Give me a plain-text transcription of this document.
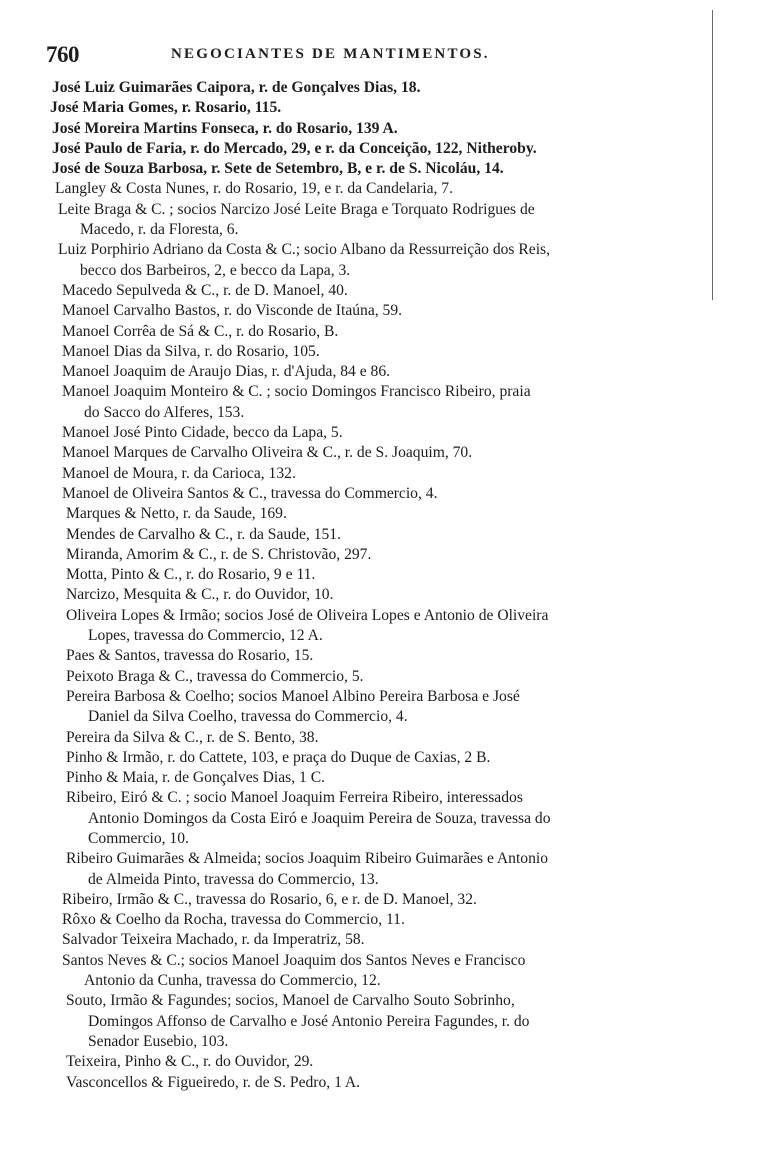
760	NEGOCIANTES DE MANTIMENTOS.
José Luiz Guimarães Caipora, r. de Gonçalves Dias, 18.
José Maria Gomes, r. Rosario, 115.
José Moreira Martins Fonseca, r. do Rosario, 139 A.
José Paulo de Faria, r. do Mercado, 29, e r. da Conceição, 122, Nitheroby.
José de Souza Barbosa, r. Sete de Setembro, B, e r. de S. Nicoláu, 14.
Langley & Costa Nunes, r. do Rosario, 19, e r. da Candelaria, 7.
Leite Braga & C. ; socios Narcizo José Leite Braga e Torquato Rodrigues de
Macedo, r. da Floresta, 6.
Luiz Porphirio Adriano da Costa & C.; socio Albano da Ressurreição dos Reis,
becco dos Barbeiros, 2, e becco da Lapa, 3.
Macedo Sepulveda & C., r. de D. Manoel, 40.
Manoel Carvalho Bastos, r. do Visconde de Itaúna, 59.
Manoel Corrêa de Sá & C., r. do Rosario, B.
Manoel Dias da Silva, r. do Rosario, 105.
Manoel Joaquim de Araujo Dias, r. d'Ajuda, 84 e 86.
Manoel Joaquim Monteiro & C. ; socio Domingos Francisco Ribeiro, praia
do Sacco do Alferes, 153.
Manoel José Pinto Cidade, becco da Lapa, 5.
Manoel Marques de Carvalho Oliveira & C., r. de S. Joaquim, 70.
Manoel de Moura, r. da Carioca, 132.
Manoel de Oliveira Santos & C., travessa do Commercio, 4.
Marques & Netto, r. da Saude, 169.
Mendes de Carvalho & C., r. da Saude, 151.
Miranda, Amorim & C., r. de S. Christovão, 297.
Motta, Pinto & C., r. do Rosario, 9 e 11.
Narcizo, Mesquita & C., r. do Ouvidor, 10.
Oliveira Lopes & Irmão; socios José de Oliveira Lopes e Antonio de Oliveira
Lopes, travessa do Commercio, 12 A.
Paes & Santos, travessa do Rosario, 15.
Peixoto Braga & C., travessa do Commercio, 5.
Pereira Barbosa & Coelho; socios Manoel Albino Pereira Barbosa e José
Daniel da Silva Coelho, travessa do Commercio, 4.
Pereira da Silva & C., r. de S. Bento, 38.
Pinho & Irmão, r. do Cattete, 103, e praça do Duque de Caxias, 2 B.
Pinho & Maia, r. de Gonçalves Dias, 1 C.
Ribeiro, Eiró & C. ; socio Manoel Joaquim Ferreira Ribeiro, interessados
Antonio Domingos da Costa Eiró e Joaquim Pereira de Souza, travessa do
Commercio, 10.
Ribeiro Guimarães & Almeida; socios Joaquim Ribeiro Guimarães e Antonio
de Almeida Pinto, travessa do Commercio, 13.
Ribeiro, Irmão & C., travessa do Rosario, 6, e r. de D. Manoel, 32.
Rôxo & Coelho da Rocha, travessa do Commercio, 11.
Salvador Teixeira Machado, r. da Imperatriz, 58.
Santos Neves & C.; socios Manoel Joaquim dos Santos Neves e Francisco
Antonio da Cunha, travessa do Commercio, 12.
Souto, Irmão & Fagundes; socios, Manoel de Carvalho Souto Sobrinho,
Domingos Affonso de Carvalho e José Antonio Pereira Fagundes, r. do
Senador Eusebio, 103.
Teixeira, Pinho & C., r. do Ouvidor, 29.
Vasconcellos & Figueiredo, r. de S. Pedro, 1 A.
